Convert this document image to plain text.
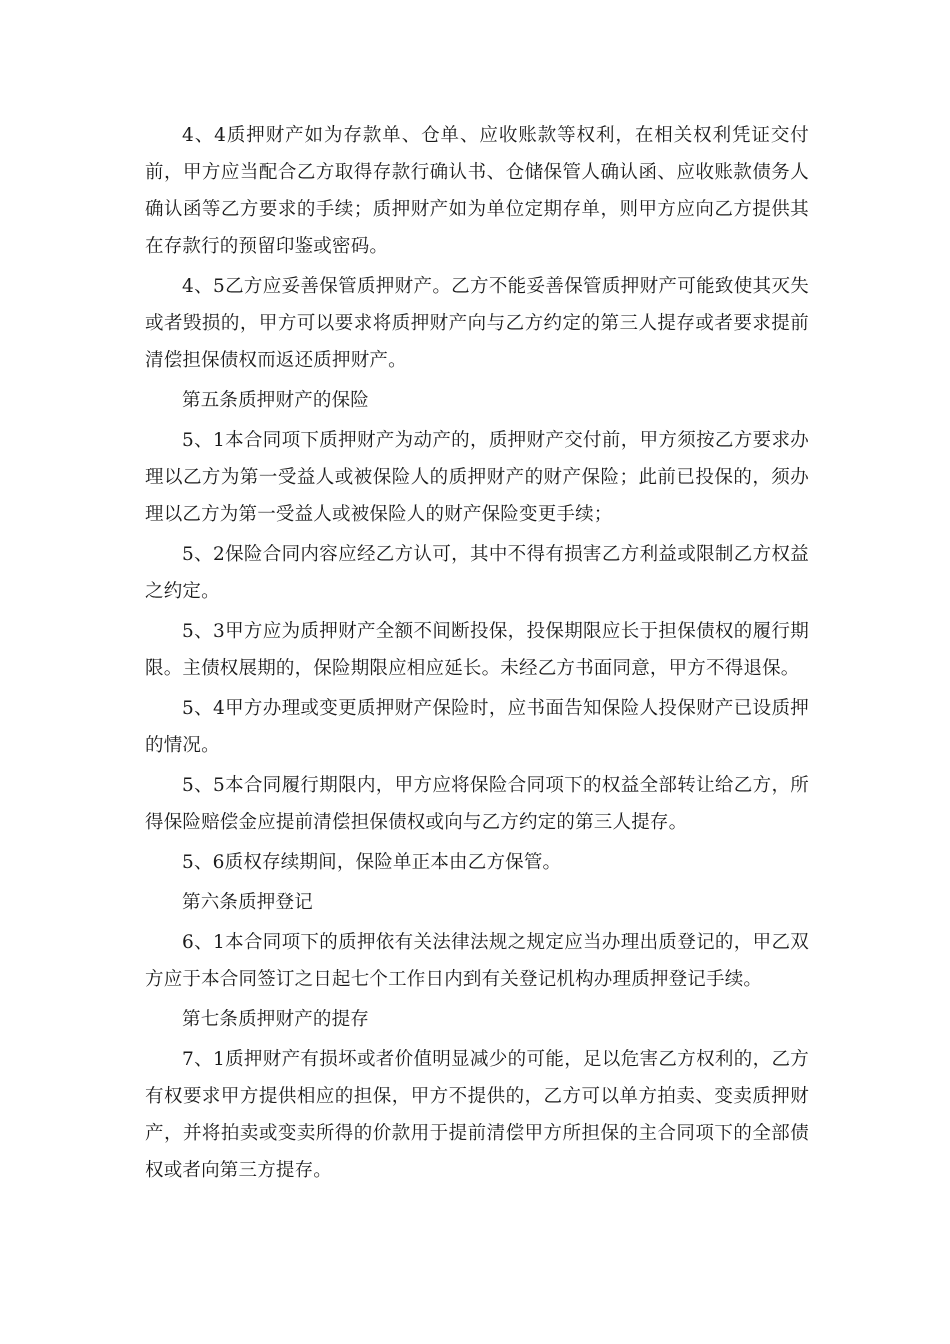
4、4质押财产如为存款单、仓单、应收账款等权利，在相关权利凭证交付前，甲方应当配合乙方取得存款行确认书、仓储保管人确认函、应收账款债务人确认函等乙方要求的手续；质押财产如为单位定期存单，则甲方应向乙方提供其在存款行的预留印鉴或密码。

4、5乙方应妥善保管质押财产。乙方不能妥善保管质押财产可能致使其灭失或者毁损的，甲方可以要求将质押财产向与乙方约定的第三人提存或者要求提前清偿担保债权而返还质押财产。

第五条质押财产的保险

5、1本合同项下质押财产为动产的，质押财产交付前，甲方须按乙方要求办理以乙方为第一受益人或被保险人的质押财产的财产保险；此前已投保的，须办理以乙方为第一受益人或被保险人的财产保险变更手续；

5、2保险合同内容应经乙方认可，其中不得有损害乙方利益或限制乙方权益之约定。

5、3甲方应为质押财产全额不间断投保，投保期限应长于担保债权的履行期限。主债权展期的，保险期限应相应延长。未经乙方书面同意，甲方不得退保。

5、4甲方办理或变更质押财产保险时，应书面告知保险人投保财产已设质押的情况。

5、5本合同履行期限内，甲方应将保险合同项下的权益全部转让给乙方，所得保险赔偿金应提前清偿担保债权或向与乙方约定的第三人提存。

5、6质权存续期间，保险单正本由乙方保管。

第六条质押登记

6、1本合同项下的质押依有关法律法规之规定应当办理出质登记的，甲乙双方应于本合同签订之日起七个工作日内到有关登记机构办理质押登记手续。

第七条质押财产的提存

7、1质押财产有损坏或者价值明显减少的可能，足以危害乙方权利的，乙方有权要求甲方提供相应的担保，甲方不提供的，乙方可以单方拍卖、变卖质押财产，并将拍卖或变卖所得的价款用于提前清偿甲方所担保的主合同项下的全部债权或者向第三方提存。
